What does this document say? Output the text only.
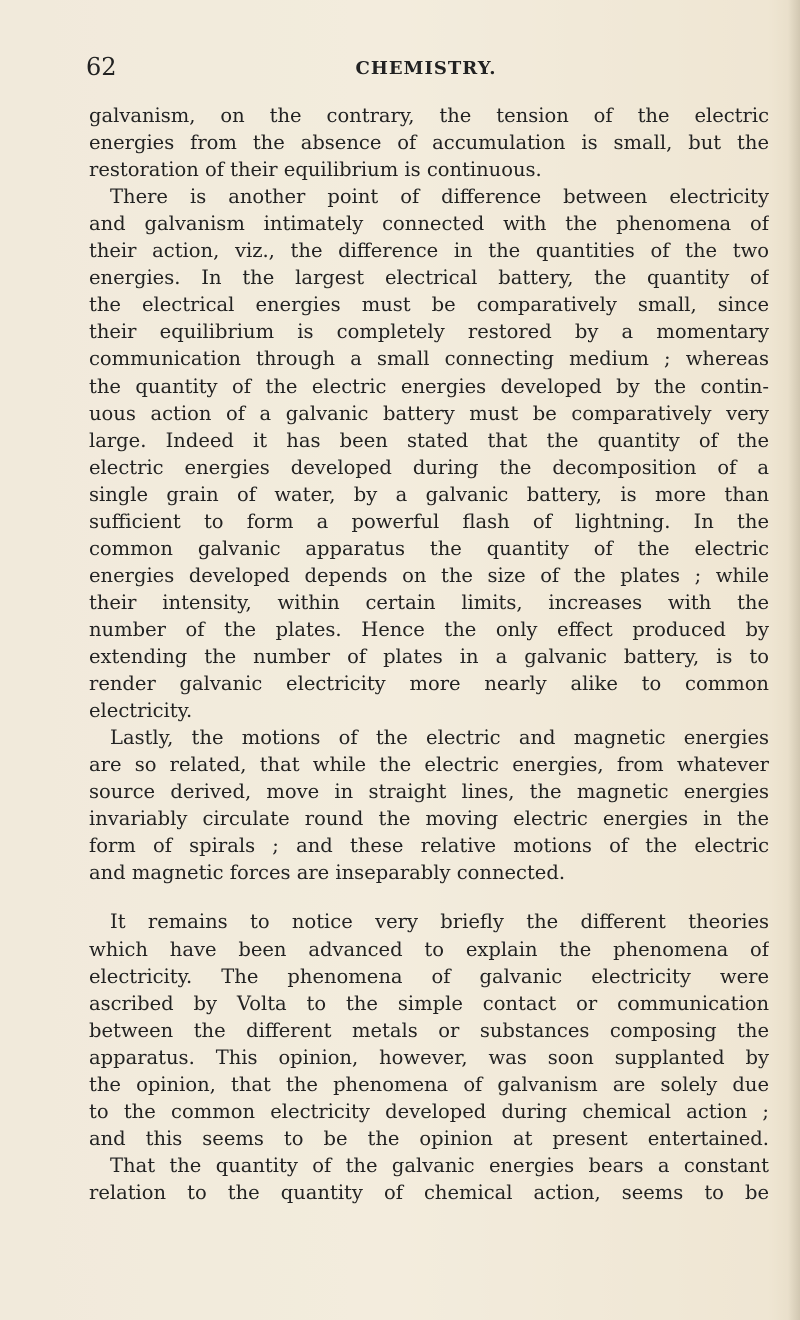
62	CHEMISTRY.
galvanism, on the contrary, the tension of the electric
energies from the absence of accumulation is small, but the
restoration of their equilibrium is continuous.
There is another point of difference between electricity
and galvanism intimately connected with the phenomena of
their action, viz., the difference in the quantities of the two
energies. In the largest electrical battery, the quantity of
the electrical energies must be comparatively small, since
their equilibrium is completely restored by a momentary
communication through a small connecting medium ; whereas
the quantity of the electric energies developed by the contin-
uous action of a galvanic battery must be comparatively very
large. Indeed it has been stated that the quantity of the
electric energies developed during the decomposition of a
single grain of water, by a galvanic battery, is more than
sufficient to form a powerful flash of lightning. In the
common galvanic apparatus the quantity of the electric
energies developed depends on the size of the plates ; while
their intensity, within certain limits, increases with the
number of the plates. Hence the only effect produced by
extending the number of plates in a galvanic battery, is to
render galvanic electricity more nearly alike to common
electricity.
Lastly, the motions of the electric and magnetic energies
are so related, that while the electric energies, from whatever
source derived, move in straight lines, the magnetic energies
invariably circulate round the moving electric energies in the
form of spirals ; and these relative motions of the electric
and magnetic forces are inseparably connected.
It remains to notice very briefly the different theories
which have been advanced to explain the phenomena of
electricity. The phenomena of galvanic electricity were
ascribed by Volta to the simple contact or communication
between the different metals or substances composing the
apparatus. This opinion, however, was soon supplanted by
the opinion, that the phenomena of galvanism are solely due
to the common electricity developed during chemical action ;
and this seems to be the opinion at present entertained.
That the quantity of the galvanic energies bears a constant
relation to the quantity of chemical action, seems to be
